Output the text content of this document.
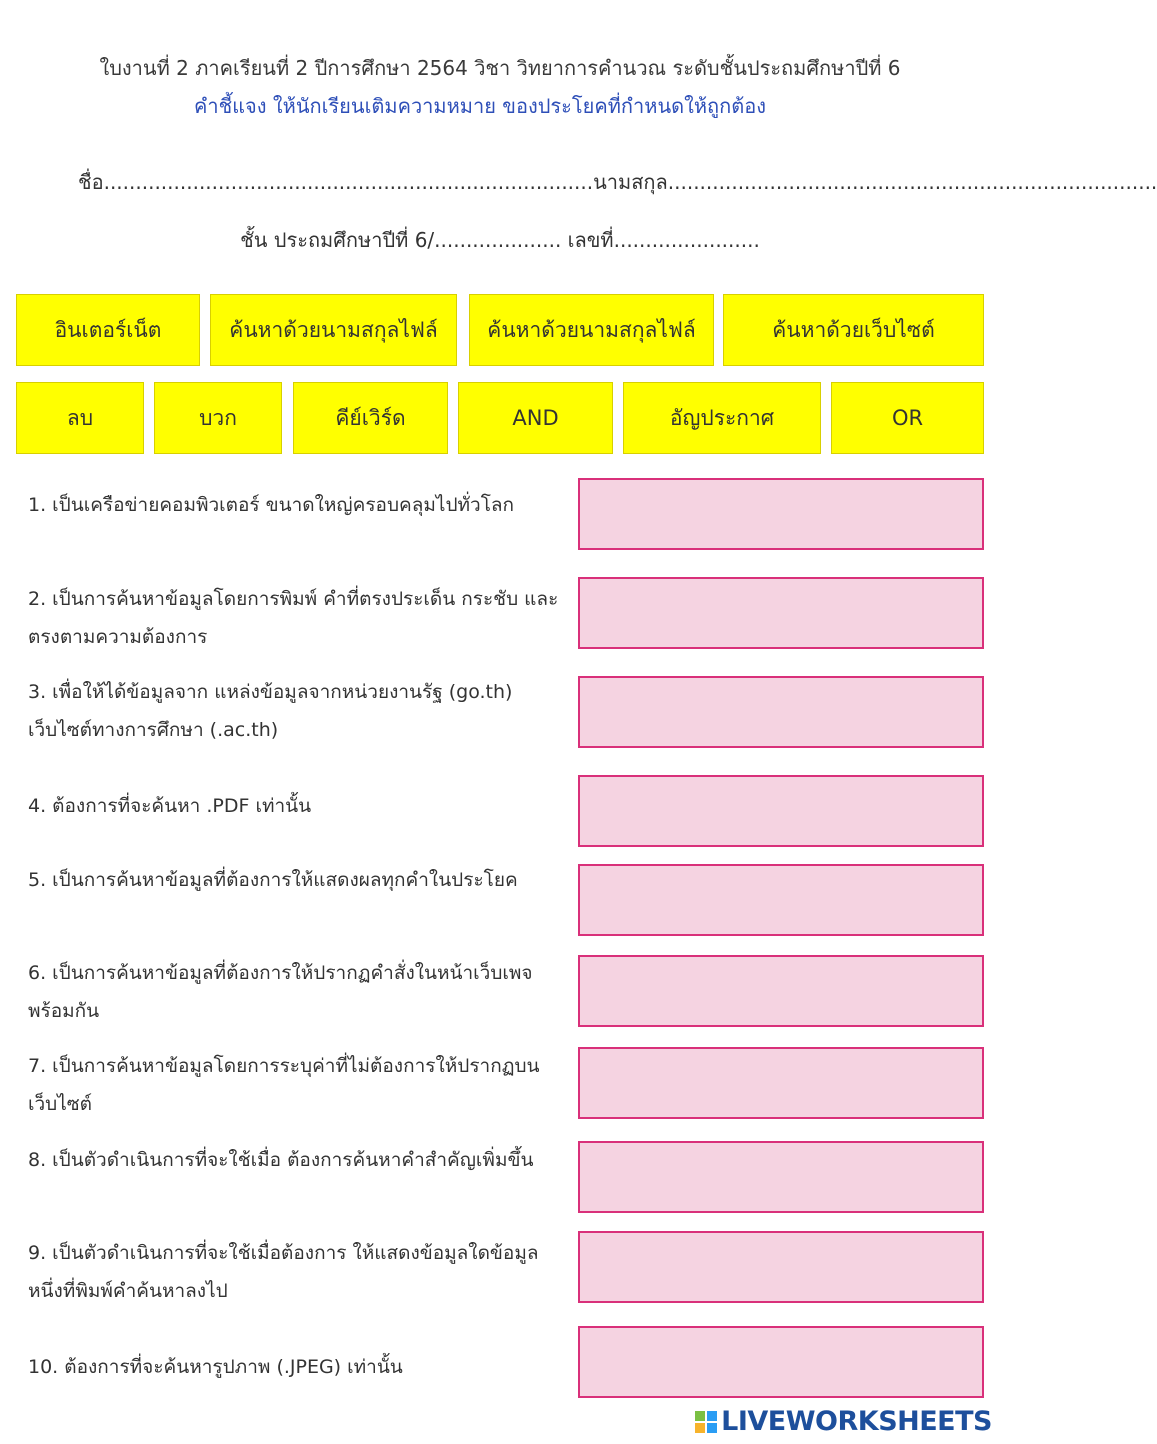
ใบงานที่ 2 ภาคเรียนที่ 2 ปีการศึกษา 2564 วิชา วิทยาการคำนวณ ระดับชั้นประถมศึกษาปีที่ 6
คำชี้แจง ให้นักเรียนเติมความหมาย ของประโยคที่กำหนดให้ถูกต้อง
ชื่อ.............................................................................นามสกุล.............................................................................
ชั้น ประถมศึกษาปีที่ 6/.................... เลขที่.......................
อินเตอร์เน็ต	ค้นหาด้วยนามสกุลไฟล์	ค้นหาด้วยนามสกุลไฟล์	ค้นหาด้วยเว็บไซต์
ลบ	บวก	คีย์เวิร์ด	AND	อัญประกาศ	OR
1. เป็นเครือข่ายคอมพิวเตอร์ ขนาดใหญ่ครอบคลุมไปทั่วโลก
2. เป็นการค้นหาข้อมูลโดยการพิมพ์ คำที่ตรงประเด็น กระชับ และตรงตามความต้องการ
3. เพื่อให้ได้ข้อมูลจาก แหล่งข้อมูลจากหน่วยงานรัฐ (go.th) เว็บไซต์ทางการศึกษา (.ac.th)
4. ต้องการที่จะค้นหา .PDF เท่านั้น
5. เป็นการค้นหาข้อมูลที่ต้องการให้แสดงผลทุกคำในประโยค
6. เป็นการค้นหาข้อมูลที่ต้องการให้ปรากฏคำสั่งในหน้าเว็บเพจพร้อมกัน
7. เป็นการค้นหาข้อมูลโดยการระบุค่าที่ไม่ต้องการให้ปรากฏบนเว็บไซต์
8. เป็นตัวดำเนินการที่จะใช้เมื่อ ต้องการค้นหาคำสำคัญเพิ่มขึ้น
9. เป็นตัวดำเนินการที่จะใช้เมื่อต้องการ ให้แสดงข้อมูลใดข้อมูลหนึ่งที่พิมพ์คำค้นหาลงไป
10. ต้องการที่จะค้นหารูปภาพ (.JPEG) เท่านั้น
LIVEWORKSHEETS
